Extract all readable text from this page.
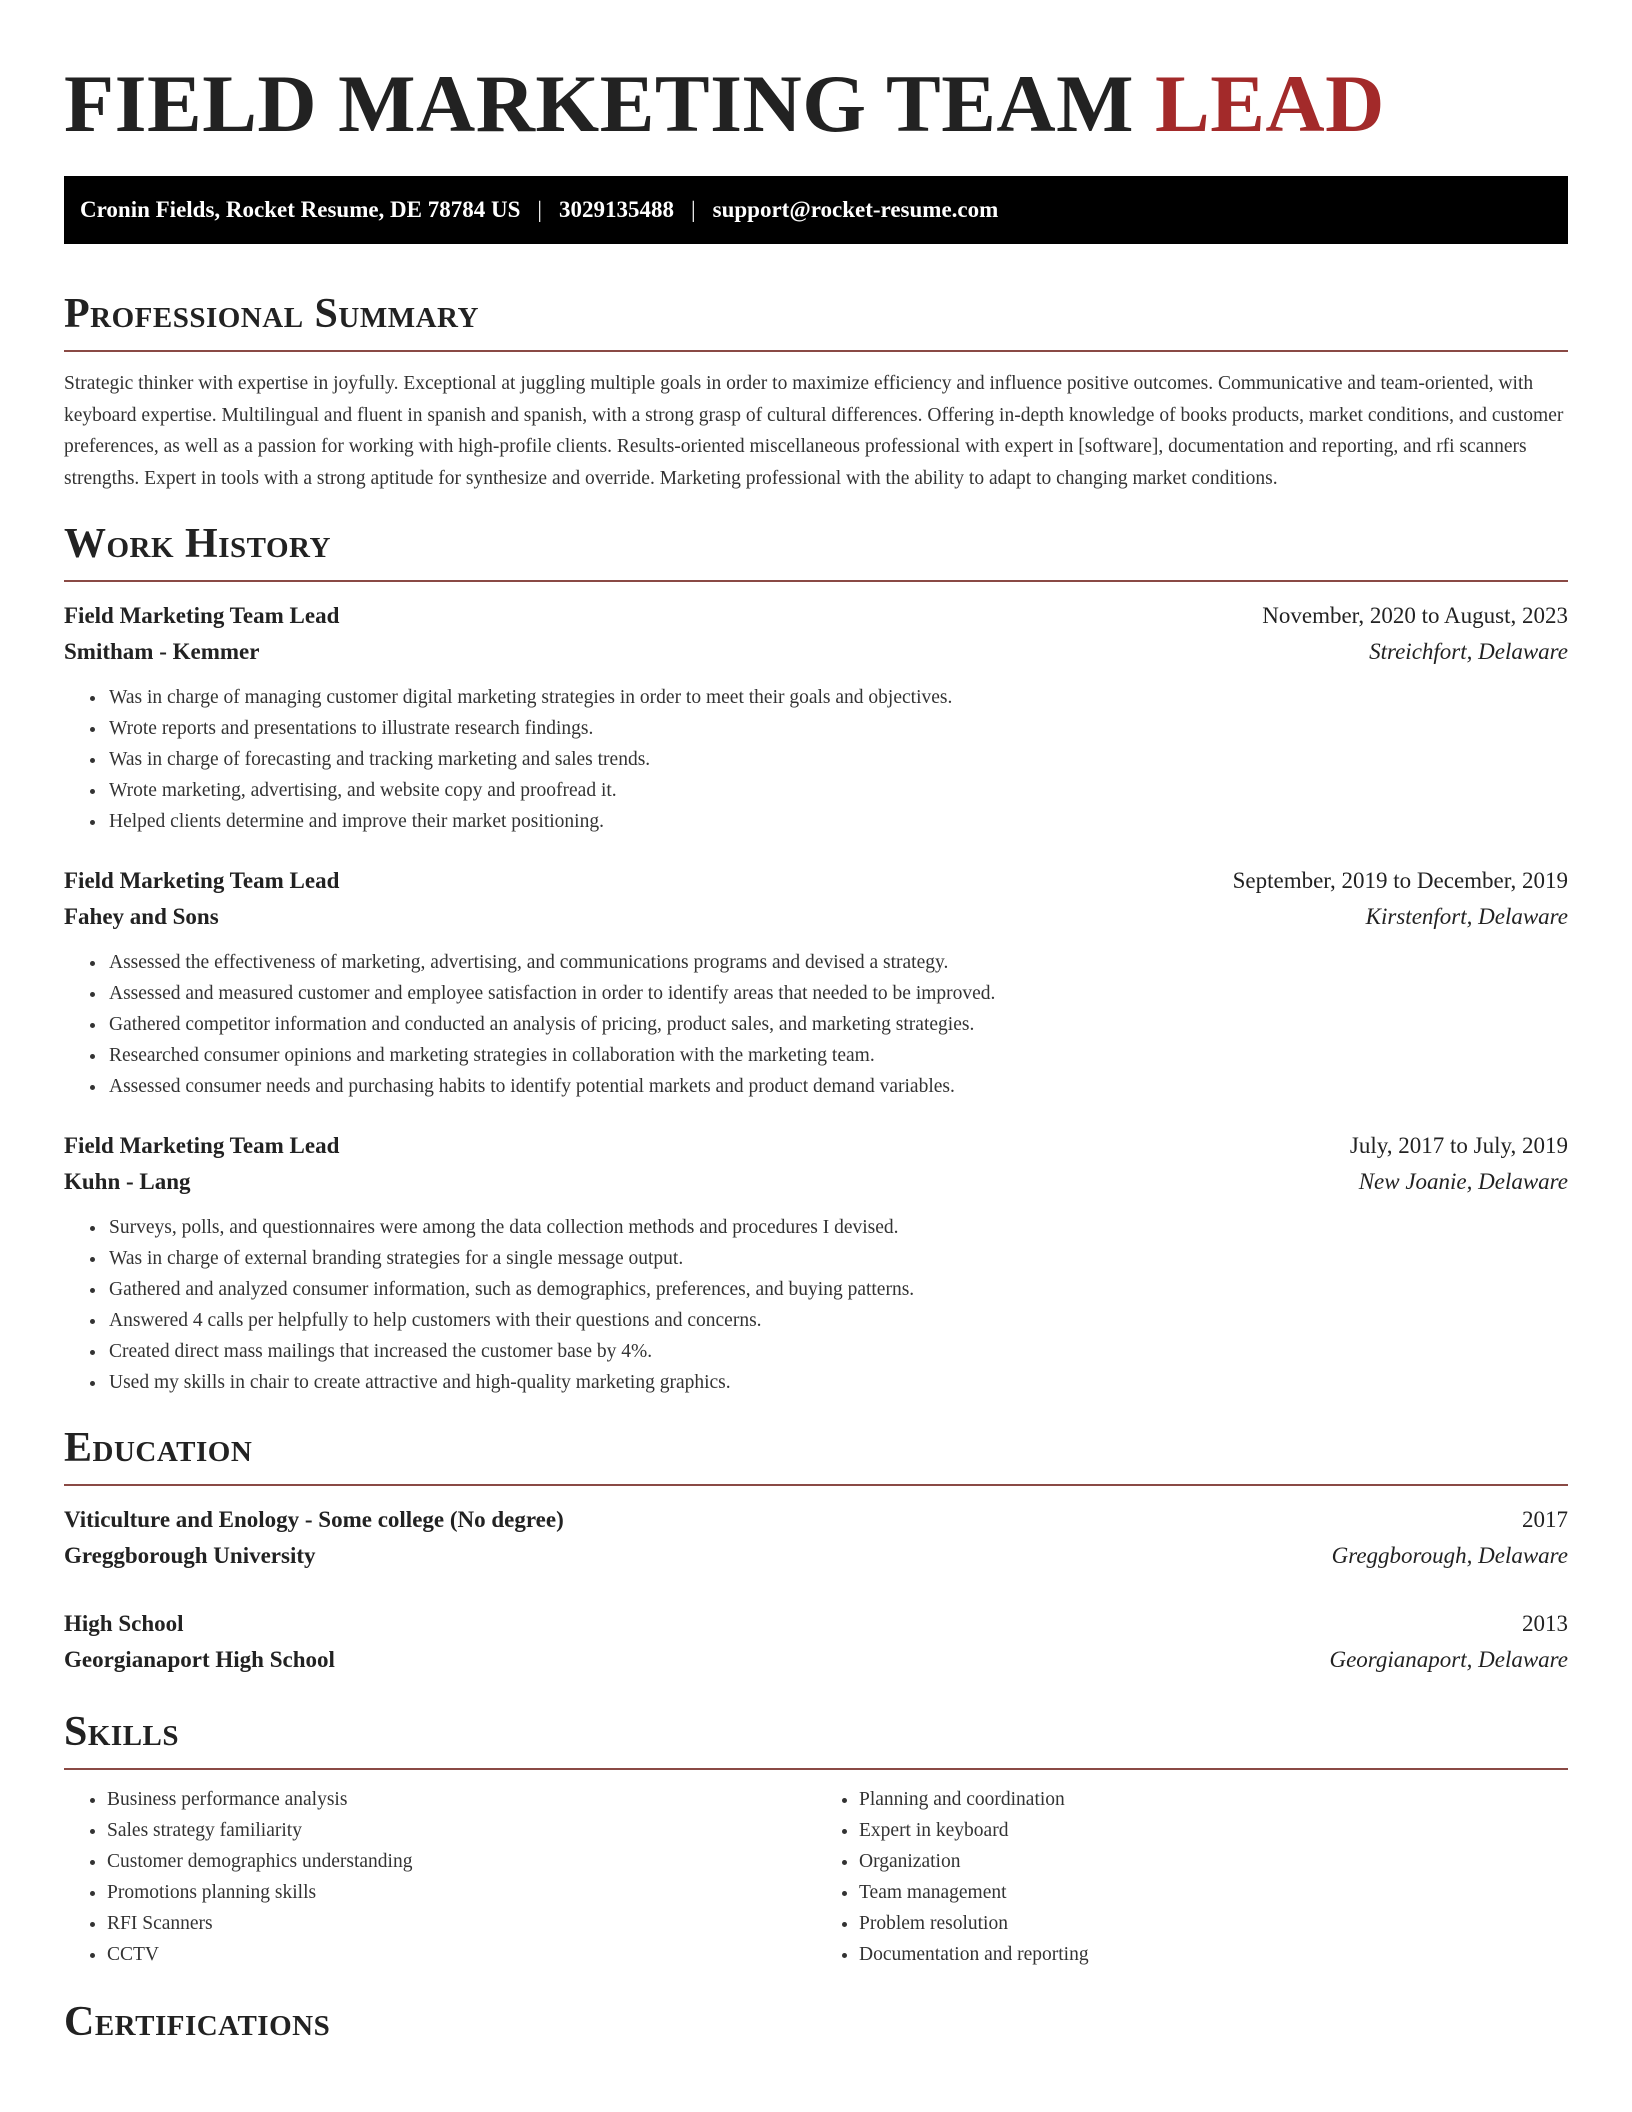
FIELD MARKETING TEAM LEAD
Cronin Fields, Rocket Resume, DE 78784 US | 3029135488 | support@rocket-resume.com
Professional Summary

Strategic thinker with expertise in joyfully. Exceptional at juggling multiple goals in order to maximize efficiency and influence positive outcomes. Communicative and team-oriented, with keyboard expertise. Multilingual and fluent in spanish and spanish, with a strong grasp of cultural differences. Offering in-depth knowledge of books products, market conditions, and customer preferences, as well as a passion for working with high-profile clients. Results-oriented miscellaneous professional with expert in [software], documentation and reporting, and rfi scanners strengths. Expert in tools with a strong aptitude for synthesize and override. Marketing professional with the ability to adapt to changing market conditions.

Work History
Field Marketing Team Lead	November, 2020 to August, 2023
Smitham - Kemmer	Streichfort, Delaware
• Was in charge of managing customer digital marketing strategies in order to meet their goals and objectives.
• Wrote reports and presentations to illustrate research findings.
• Was in charge of forecasting and tracking marketing and sales trends.
• Wrote marketing, advertising, and website copy and proofread it.
• Helped clients determine and improve their market positioning.
Field Marketing Team Lead	September, 2019 to December, 2019
Fahey and Sons	Kirstenfort, Delaware
• Assessed the effectiveness of marketing, advertising, and communications programs and devised a strategy.
• Assessed and measured customer and employee satisfaction in order to identify areas that needed to be improved.
• Gathered competitor information and conducted an analysis of pricing, product sales, and marketing strategies.
• Researched consumer opinions and marketing strategies in collaboration with the marketing team.
• Assessed consumer needs and purchasing habits to identify potential markets and product demand variables.
Field Marketing Team Lead	July, 2017 to July, 2019
Kuhn - Lang	New Joanie, Delaware
• Surveys, polls, and questionnaires were among the data collection methods and procedures I devised.
• Was in charge of external branding strategies for a single message output.
• Gathered and analyzed consumer information, such as demographics, preferences, and buying patterns.
• Answered 4 calls per helpfully to help customers with their questions and concerns.
• Created direct mass mailings that increased the customer base by 4%.
• Used my skills in chair to create attractive and high-quality marketing graphics.
Education
Viticulture and Enology - Some college (No degree)	2017
Greggborough University	Greggborough, Delaware
High School	2013
Georgianaport High School	Georgianaport, Delaware
Skills
• Business performance analysis
• Sales strategy familiarity
• Customer demographics understanding
• Promotions planning skills
• RFI Scanners
• CCTV
• Planning and coordination
• Expert in keyboard
• Organization
• Team management
• Problem resolution
• Documentation and reporting
Certifications
